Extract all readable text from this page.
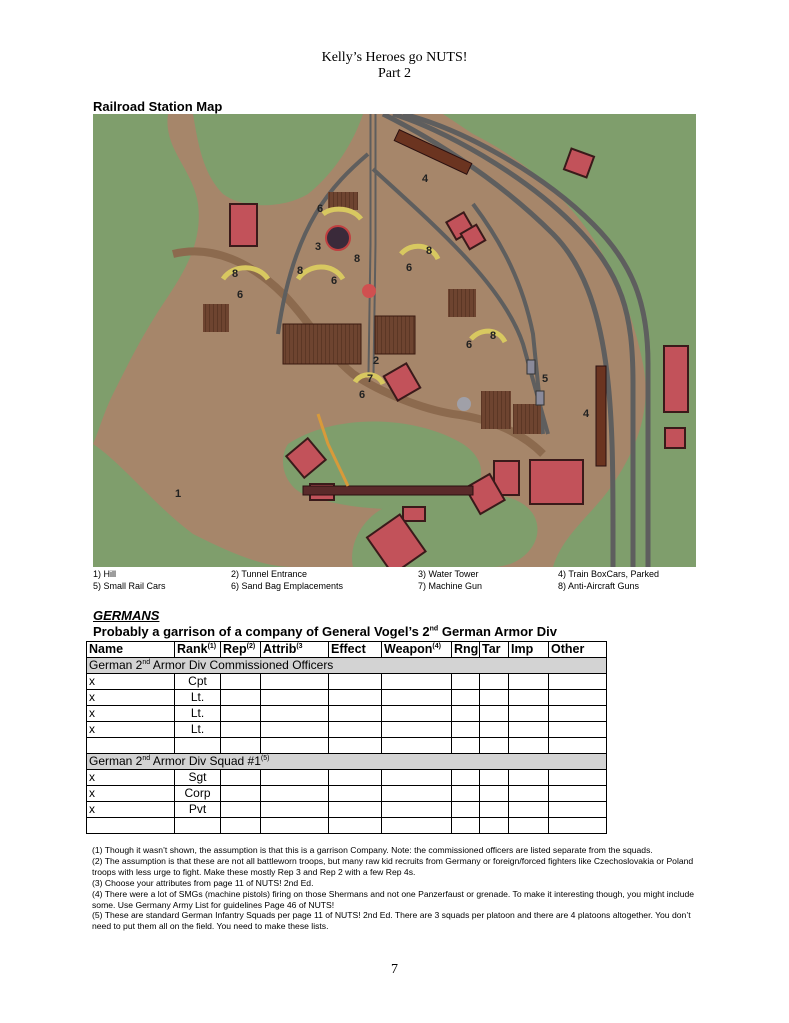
Kelly’s Heroes go NUTS!
Part 2
Railroad Station Map
1
2
3
4
4
5
6
6
6
6
6
6
7
8	8
8
8
8
1) Hill	2) Tunnel Entrance	3) Water Tower	4) Train BoxCars, Parked
5) Small Rail Cars	6) Sand Bag Emplacements	7) Machine Gun	8) Anti-Aircraft Guns
GERMANS
Probably a garrison of a company of General Vogel’s 2nd German Armor Div
Name	Rank$^{(1)}$	Rep$^{(2)}$	Attrib$^{(3}$	Effect	Weapon$^{(4)}$	Rng	Tar	Imp	Other
German 2nd Armor Div Commissioned Officers									
x	Cpt								
x	Lt.								
x	Lt.								
x	Lt.								

German 2nd Armor Div Squad #1$^{(5)}$
x	Sgt								
x	Corp								
x	Pvt								

(1) Though it wasn’t shown, the assumption is that this is a garrison Company. Note: the commissioned officers are listed separate from the squads.

(2) The assumption is that these are not all battleworn troops, but many raw kid recruits from Germany or foreign/forced fighters like Czechoslovakia or Poland troops with less urge to fight. Make these mostly Rep 3 and Rep 2 with a few Rep 4s.

(3) Choose your attributes from page 11 of NUTS! 2nd Ed.

(4) There were a lot of SMGs (machine pistols) firing on those Shermans and not one Panzerfaust or grenade. To make it interesting though, you might include some. Use Germany Army List for guidelines Page 46 of NUTS!

(5) These are standard German Infantry Squads per page 11 of NUTS! 2nd Ed. There are 3 squads per platoon and there are 4 platoons altogether. You don’t need to put them all on the field. You need to make these lists.

7
